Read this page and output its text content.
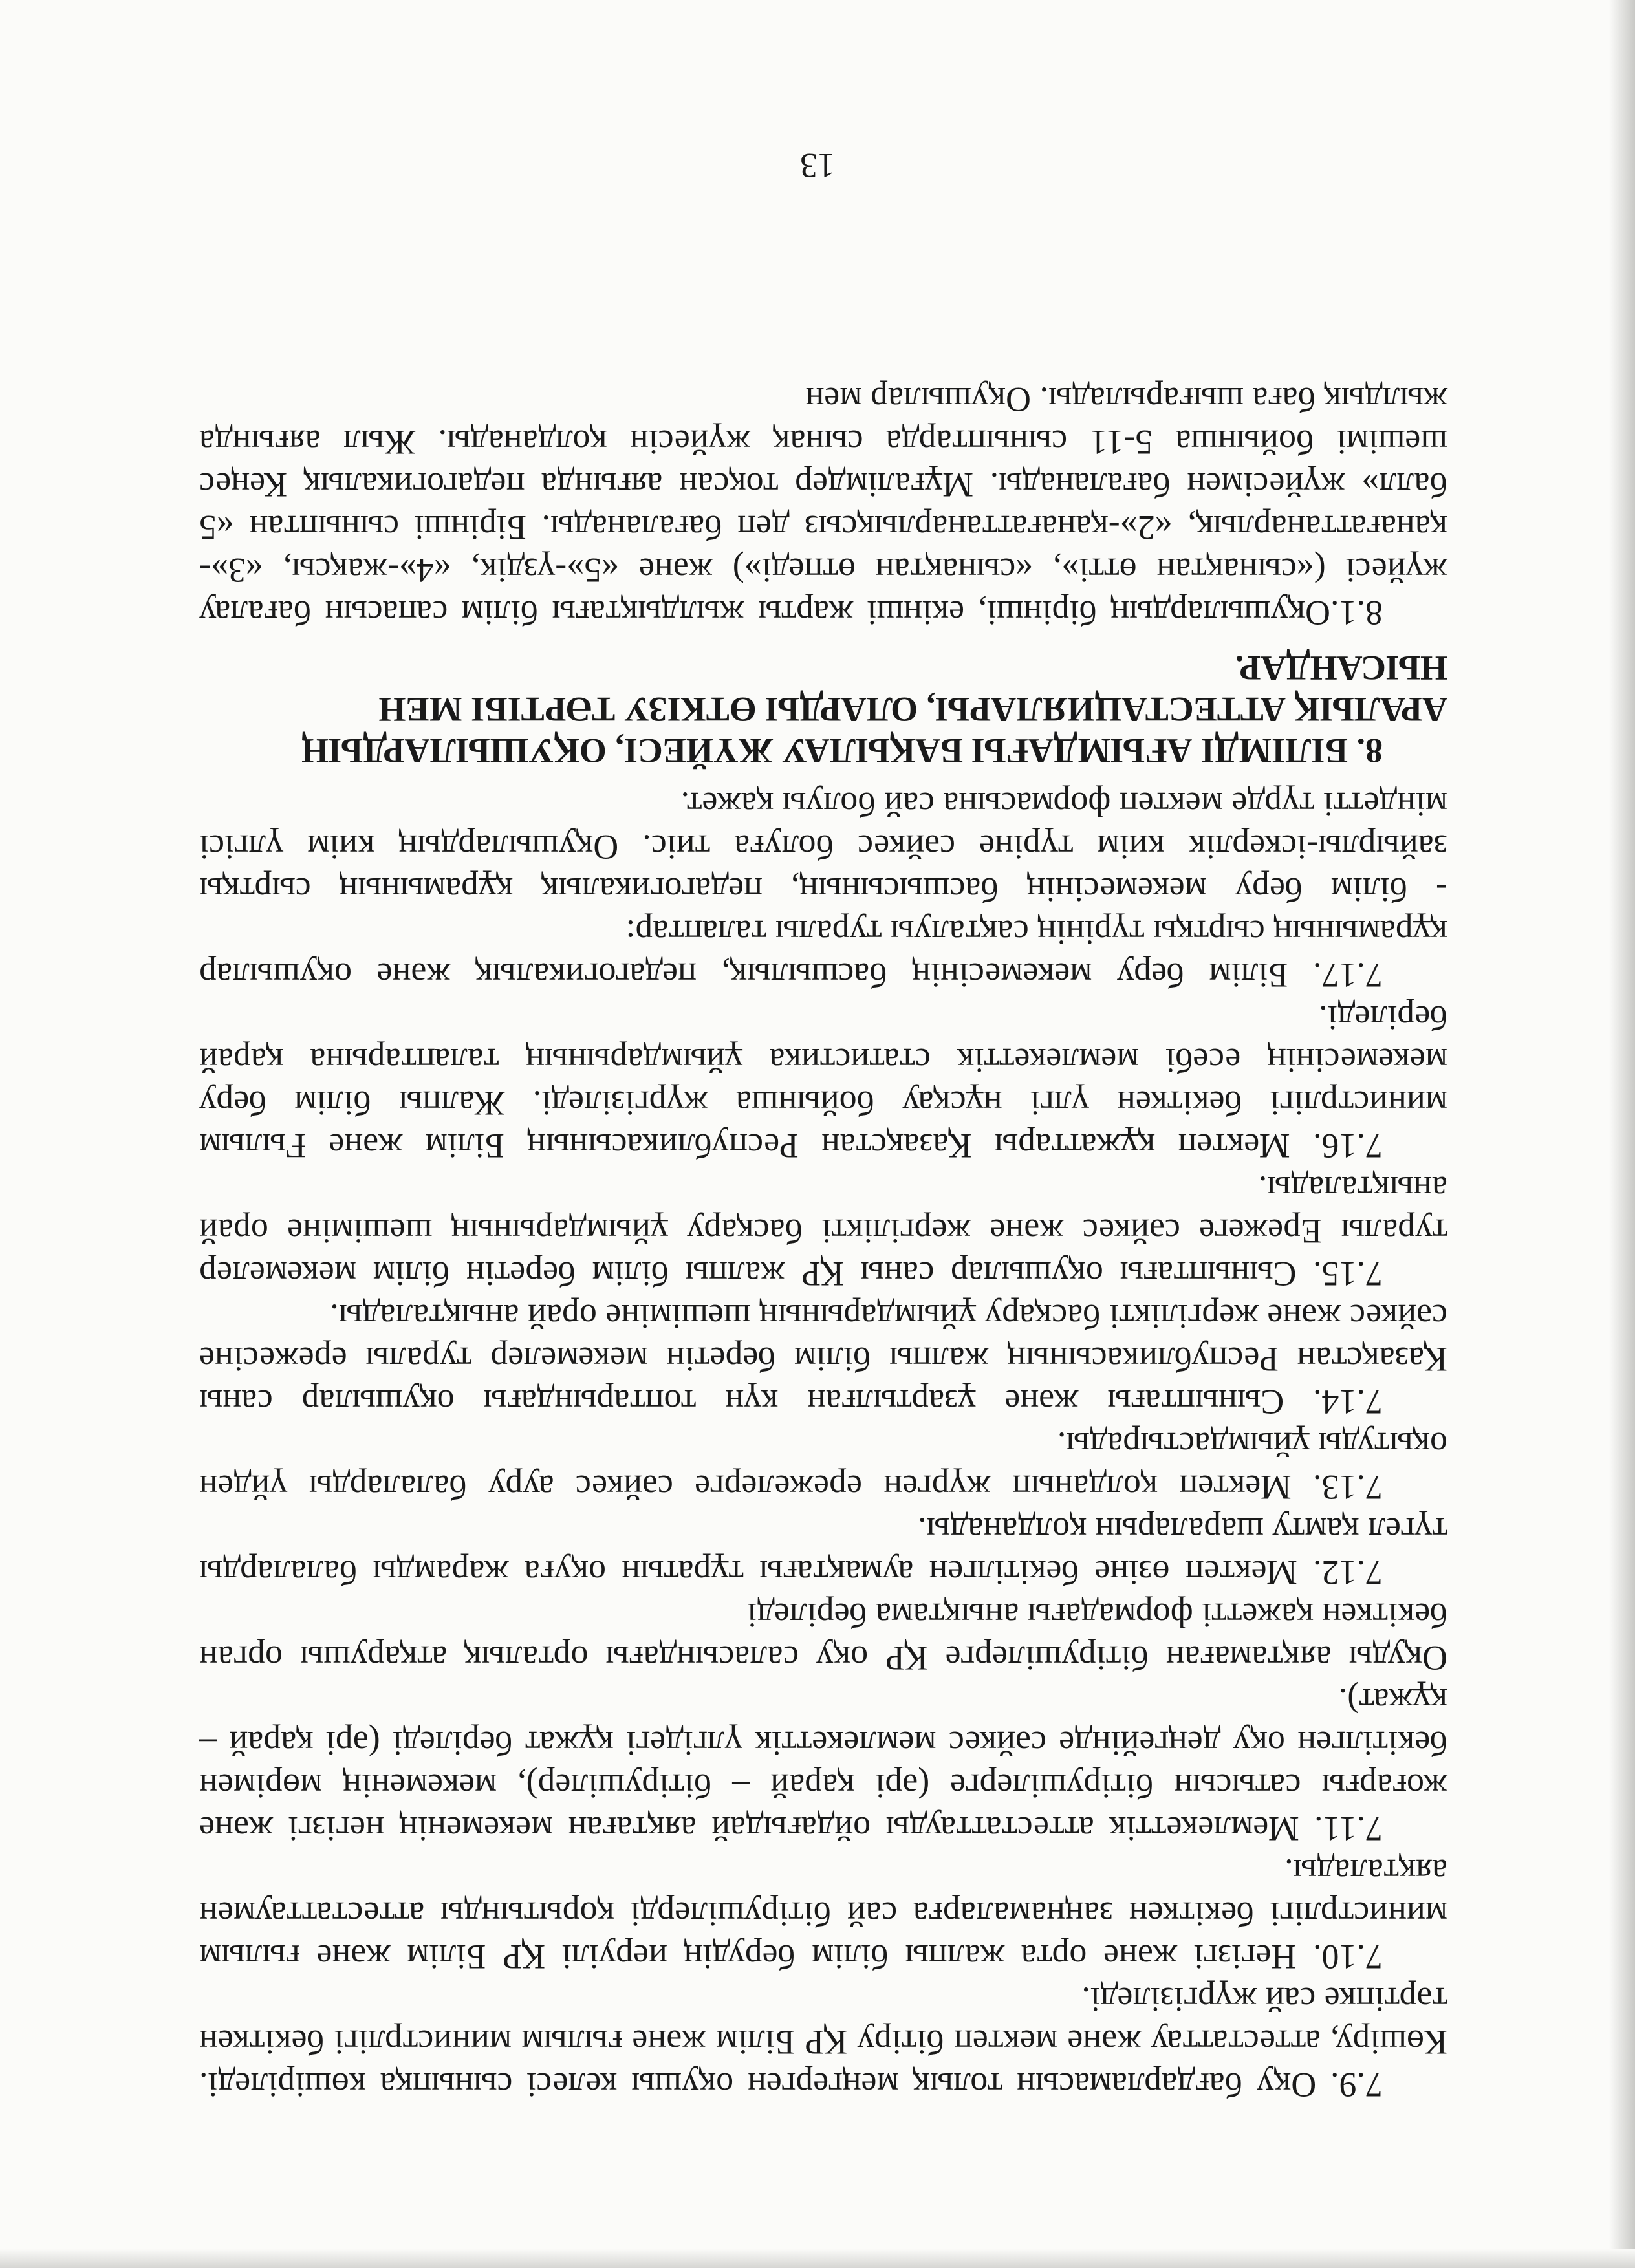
7.9. Оқу бағдарламасын толық меңгерген оқушы келесі сыныпқа көшіріледі. Көшіру, аттестаттау және мектеп бітіру ҚР Білім және ғылым министрлігі бекіткен тәртіпке сай жүргізіледі.

7.10. Негізгі және орта жалпы білім берудің иеруілі ҚР Білім және ғылым министрлігі бекіткен заңнамаларға сай бітірушілерді қорытынды аттестаттаумен аяқталады.

7.11. Мемлекеттік аттестаттауды ойдағыдай аяқтаған мекеменің негізгі және жоғарғы сатысын бітірушілерге (әрі қарай – бітірушілер), мекеменің мөрімен бекітілген оқу деңгейінде сәйкес мемлекеттік үлгідегі құжат беріледі (әрі қарай – құжат).

Оқуды аяқтамаған бітірушілерге ҚР оқу саласындағы орталық атқарушы орган бекіткен қажетті формадағы анықтама беріледі

7.12. Мектеп өзіне бекітілген аумақтағы тұратын оқуға жарамды балаларды түгел қамту шараларын қолданады.

7.13. Мектеп қолданып жүрген ережелерге сәйкес ауру балаларды үйден оқытуды ұйымдастырады.

7.14. Сыныптағы және ұзартылған күн топтарындағы оқушылар саны Қазақстан Республикасының жалпы білім беретін мекемелер туралы ережесіне сәйкес және жергілікті басқару ұйымдарының шешіміне орай анықталады.

7.15. Сыныптағы оқушылар саны ҚР жалпы білім беретін білім мекемелер туралы Ережеге сәйкес және жергілікті басқару ұйымдарының шешіміне орай анықталады.

7.16. Мектеп құжаттары Қазақстан Республикасының Білім және Ғылым министрлігі бекіткен үлгі нұсқау бойынша жүргізіледі. Жалпы білім беру мекемесінің есебі мемлекеттік статистика ұйымдарының талаптарына қарай беріледі.

7.17. Білім беру мекемесінің басшылық, педагогикалық және оқушылар құрамының сыртқы түрінің сақталуы туралы талаптар:

- білім беру мекемесінің басшысының, педагогикалық құрамының сыртқы зайырлы-іскерлік киім түріне сәйкес болуға тиіс. Оқушылардың киім үлгісі міндетті түрде мектеп формасына сай болуы қажет.

8. БІЛІМДІ АҒЫМДАҒЫ БАҚЫЛАУ ЖҮЙЕСІ, ОҚУШЫЛАРДЫҢ АРАЛЫҚ АТТЕСТАЦИЯЛАРЫ, ОЛАРДЫ ӨТКІЗУ ТӘРТІБІ МЕН НЫСАНДАР.

8.1.Оқушылардың бірінші, екінші жарты жылдықтағы білім сапасын бағалау жүйесі («сынақтан өтті», «сынақтан өтпеді») және «5»-үздік, «4»-жақсы, «3»-қанағаттанарлық, «2»-қанағаттанарлықсыз деп бағаланады. Бірінші сыныптан «5 балл» жүйесімен бағаланады. Мұғалімдер тоқсан аяғында педагогикалық Кеңес шешімі бойынша 5-11 сыныптарда сынақ жүйесін қолданады. Жыл аяғында жылдық баға шығарылады. Оқушылар мен

13
